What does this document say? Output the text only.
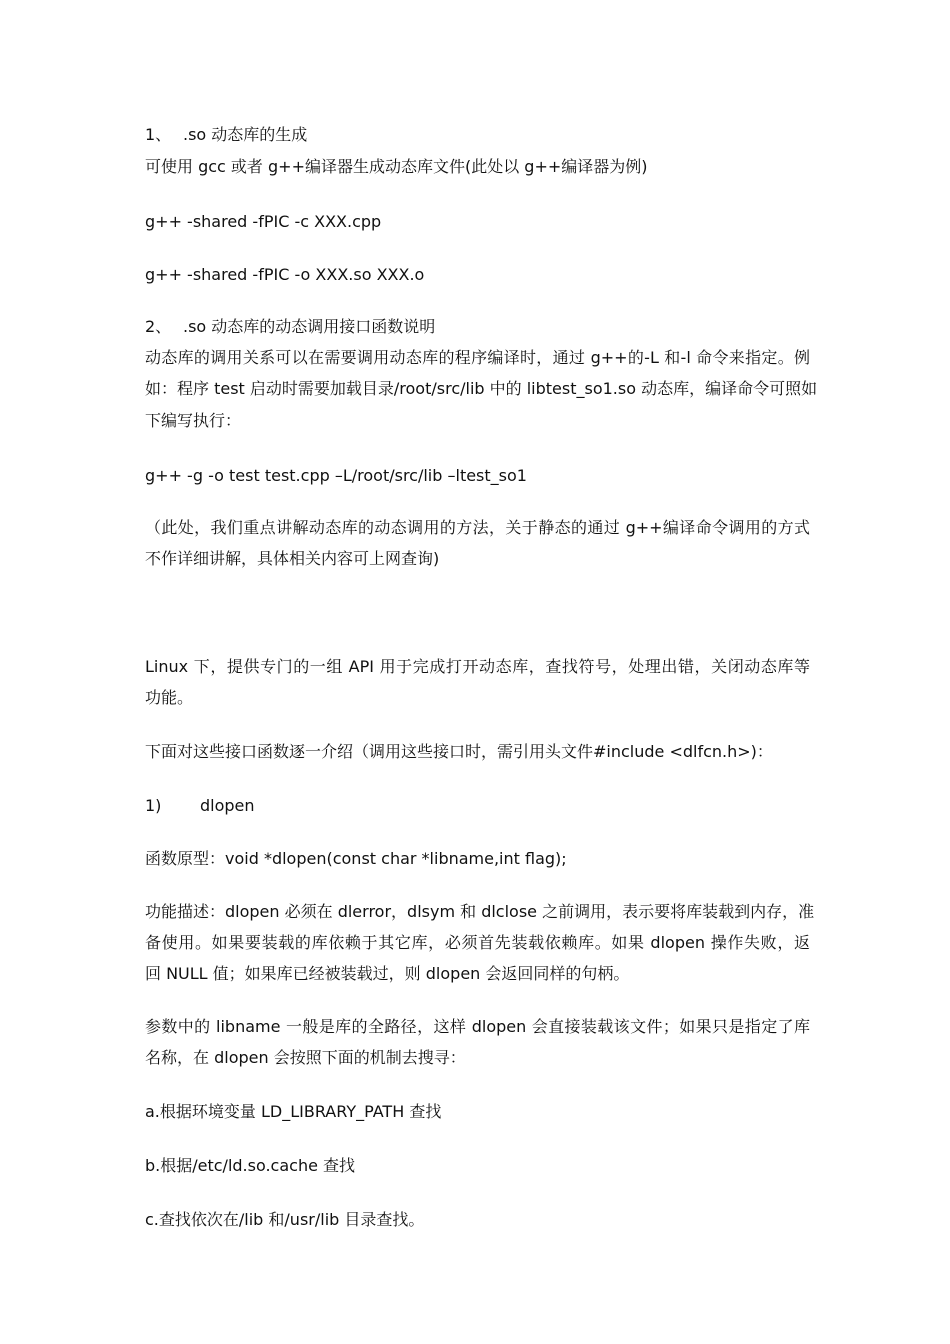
1、 .so 动态库的生成
可使用 gcc 或者 g++编译器生成动态库文件(此处以 g++编译器为例)
g++ -shared -fPIC -c XXX.cpp
g++ -shared -fPIC -o XXX.so XXX.o
2、 .so 动态库的动态调用接口函数说明
动态库的调用关系可以在需要调用动态库的程序编译时，通过 g++的-L 和-l 命令来指定。例
如：程序 test 启动时需要加载目录/root/src/lib 中的 libtest_so1.so 动态库，编译命令可照如
下编写执行：
g++ -g -o test test.cpp –L/root/src/lib –ltest_so1
（此处，我们重点讲解动态库的动态调用的方法，关于静态的通过 g++编译命令调用的方式
不作详细讲解，具体相关内容可上网查询)
Linux 下，提供专门的一组 API 用于完成打开动态库，查找符号，处理出错，关闭动态库等
功能。
下面对这些接口函数逐一介绍（调用这些接口时，需引用头文件#include <dlfcn.h>)：
1) dlopen
函数原型：void *dlopen(const char *libname,int flag);
功能描述：dlopen 必须在 dlerror，dlsym 和 dlclose 之前调用，表示要将库装载到内存，准
备使用。如果要装载的库依赖于其它库，必须首先装载依赖库。如果 dlopen 操作失败，返
回 NULL 值；如果库已经被装载过，则 dlopen 会返回同样的句柄。
参数中的 libname 一般是库的全路径，这样 dlopen 会直接装载该文件；如果只是指定了库
名称，在 dlopen 会按照下面的机制去搜寻：
a.根据环境变量 LD_LIBRARY_PATH 查找
b.根据/etc/ld.so.cache 查找
c.查找依次在/lib 和/usr/lib 目录查找。
